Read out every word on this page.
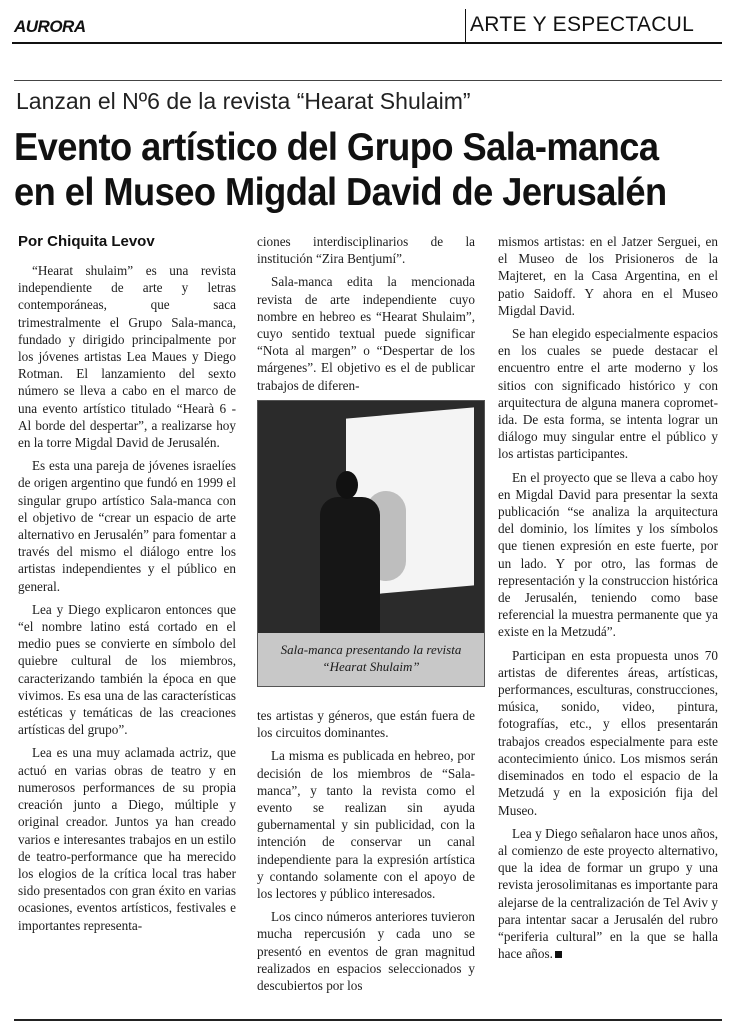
AURORA	ARTE Y ESPECTACUL
Lanzan el Nº6 de la revista “Hearat Shulaim”
Evento artístico del Grupo Sala-manca en el Museo Migdal David de Jerusalén
Por Chiquita Levov

“Hearat shulaim” es una revista independiente de arte y letras contemporáneas, que saca trimestralmente el Grupo Sala-manca, fundado y dirigido principalmente por los jóvenes artistas Lea Maues y Diego Rotman. El lanzamiento del sexto número se lleva a cabo en el marco de una evento artístico titulado “Hearà 6 - Al borde del despertar”, a realizarse hoy en la torre Migdal David de Jerusalén.

Es esta una pareja de jóvenes israelíes de origen argentino que fundó en 1999 el singular grupo artístico Sala-manca con el objetivo de “crear un espacio de arte alternativo en Jerusalén” para fomentar a través del mismo el diálogo entre los artistas independientes y el público en general.

Lea y Diego explicaron entonces que “el nombre latino está cortado en el medio pues se convierte en símbolo del quiebre cultural de los miembros, caracterizando también la época en que vivimos. Es esa una de las características estéticas y temáticas de las creaciones artísticas del grupo”.

Lea es una muy aclamada actriz, que actuó en varias obras de teatro y en numerosos performances de su propia creación junto a Diego, múltiple y original creador. Juntos ya han creado varios e interesantes trabajos en un estilo de teatro-performance que ha merecido los elogios de la crítica local tras haber sido presentados con gran éxito en varias ocasiones, eventos artísticos, festivales e importantes representa-

ciones interdisciplinarios de la institución “Zira Bentjumí”.

Sala-manca edita la mencionada revista de arte independiente cuyo nombre en hebreo es “Hearat Shulaim”, cuyo sentido textual puede significar “Nota al margen” o “Despertar de los márgenes”. El objetivo es el de publicar trabajos de diferen-

Sala-manca presentando la revista
“Hearat Shulaim”

tes artistas y géneros, que están fuera de los circuitos dominantes.

La misma es publicada en hebreo, por decisión de los miembros de “Sala-manca”, y tanto la revista como el evento se realizan sin ayuda gubernamental y sin publicidad, con la intención de conservar un canal independiente para la expresión artística y contando solamente con el apoyo de los lectores y público interesados.

Los cinco números anteriores tuvieron mucha repercusión y cada uno se presentó en eventos de gran magnitud realizados en espacios seleccionados y descubiertos por los

mismos artistas: en el Jatzer Serguei, en el Museo de los Prisioneros de la Majteret, en la Casa Argentina, en el patio Saidoff. Y ahora en el Museo Migdal David.

Se han elegido especialmente espacios en los cuales se puede destacar el encuentro entre el arte moderno y los sitios con significado histórico y con arquitectura de alguna manera coprometida. De esta forma, se intenta lograr un diálogo muy singular entre el público y los artistas participantes.

En el proyecto que se lleva a cabo hoy en Migdal David para presentar la sexta publicación “se analiza la arquitectura del dominio, los límites y los símbolos que tienen expresión en este fuerte, por un lado. Y por otro, las formas de representación y la construccion histórica de Jerusalén, teniendo como base referencial la muestra permanente que ya existe en la Metzudá”.

Participan en esta propuesta unos 70 artistas de diferentes áreas, artísticas, performances, esculturas, construcciones, música, sonido, video, pintura, fotografías, etc., y ellos presentarán trabajos creados especialmente para este acontecimiento único. Los mismos serán diseminados en todo el espacio de la Metzudá y en la exposición fija del Museo.

Lea y Diego señalaron hace unos años, al comienzo de este proyecto alternativo, que la idea de formar un grupo y una revista jerosolimitanas es importante para alejarse de la centralización de Tel Aviv y para intentar sacar a Jerusalén del rubro “periferia cultural” en la que se halla hace años.
